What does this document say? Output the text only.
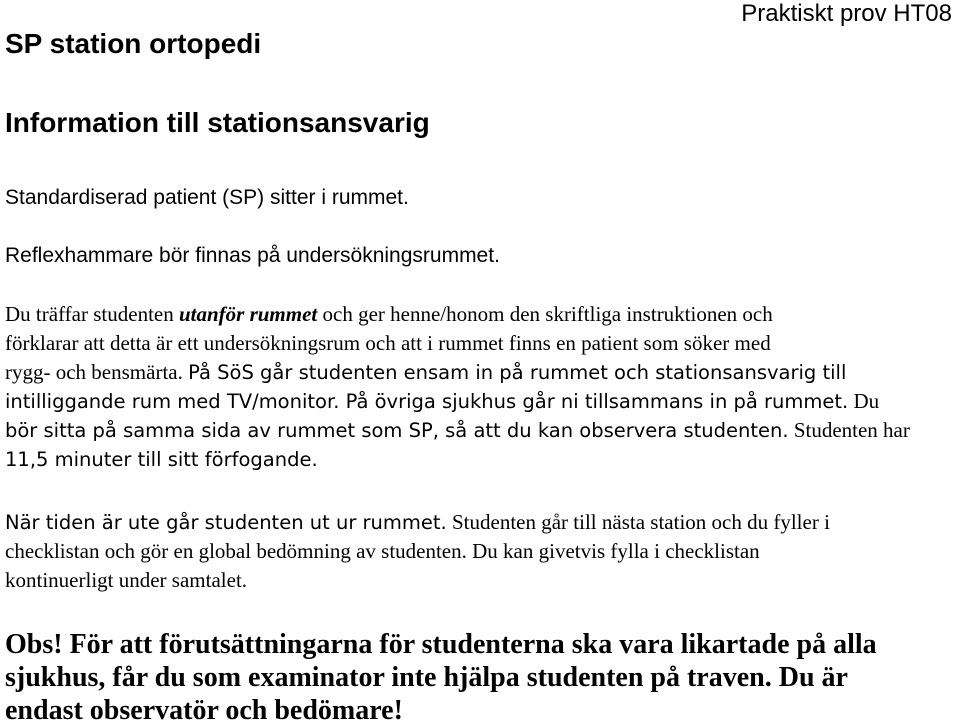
Praktiskt prov HT08
SP station ortopedi
Information till stationsansvarig

Standardiserad patient (SP) sitter i rummet.

Reflexhammare bör finnas på undersökningsrummet.

Du träffar studenten utanför rummet och ger henne/honom den skriftliga instruktionen och
förklarar att detta är ett undersökningsrum och att i rummet finns en patient som söker med
rygg- och bensmärta. På SöS går studenten ensam in på rummet och stationsansvarig till
intilliggande rum med TV/monitor. På övriga sjukhus går ni tillsammans in på rummet. Du
bör sitta på samma sida av rummet som SP, så att du kan observera studenten. Studenten har
11,5 minuter till sitt förfogande.

När tiden är ute går studenten ut ur rummet. Studenten går till nästa station och du fyller i
checklistan och gör en global bedömning av studenten. Du kan givetvis fylla i checklistan
kontinuerligt under samtalet.

Obs! För att förutsättningarna för studenterna ska vara likartade på alla
sjukhus, får du som examinator inte hjälpa studenten på traven. Du är
endast observatör och bedömare!
